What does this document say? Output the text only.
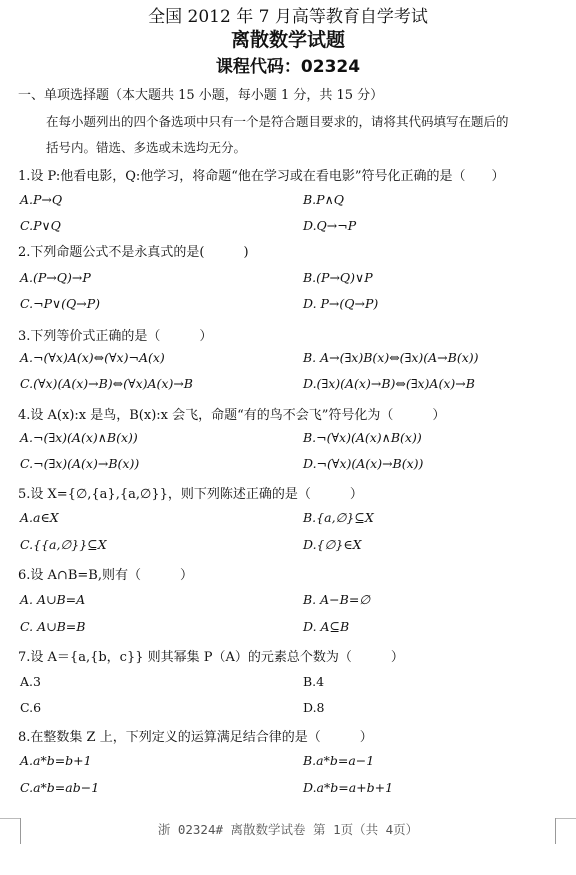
全国 2012 年 7 月高等教育自学考试
离散数学试题
课程代码：02324
一、单项选择题（本大题共 15 小题，每小题 1 分，共 15 分）
在每小题列出的四个备选项中只有一个是符合题目要求的，请将其代码填写在题后的
括号内。错选、多选或未选均无分。
1.设 P:他看电影，Q:他学习，将命题“他在学习或在看电影”符号化正确的是（　　）
A.P→Q	B.P∧Q
C.P∨Q	D.Q→¬P
2.下列命题公式不是永真式的是(　　　)
A.(P→Q)→P	B.(P→Q)∨P
C.¬P∨(Q→P)	D. P→(Q→P)
3.下列等价式正确的是（　　　）
A.¬(∀x)A(x)⇔(∀x)¬A(x)	B. A→(∃x)B(x)⇔(∃x)(A→B(x))
C.(∀x)(A(x)→B)⇔(∀x)A(x)→B	D.(∃x)(A(x)→B)⇔(∃x)A(x)→B
4.设 A(x):x 是鸟，B(x):x 会飞，命题“有的鸟不会飞”符号化为（　　　）
A.¬(∃x)(A(x)∧B(x))	B.¬(∀x)(A(x)∧B(x))
C.¬(∃x)(A(x)→B(x))	D.¬(∀x)(A(x)→B(x))
5.设 X={∅,{a},{a,∅}}，则下列陈述正确的是（　　　）
A.a∈X	B.{a,∅}⊆X
C.{{a,∅}}⊆X	D.{∅}∈X
6.设 A∩B=B,则有（　　　）
A. A∪B=A	B. A−B=∅
C. A∪B=B	D. A⊆B
7.设 A＝{a,{b，c}} 则其幂集 P（A）的元素总个数为（　　　）
A.3	B.4
C.6	D.8
8.在整数集 Z 上，下列定义的运算满足结合律的是（　　　）
A.a*b=b+1	B.a*b=a−1
C.a*b=ab−1	D.a*b=a+b+1
浙 02324# 离散数学试卷 第 1页（共 4页）
